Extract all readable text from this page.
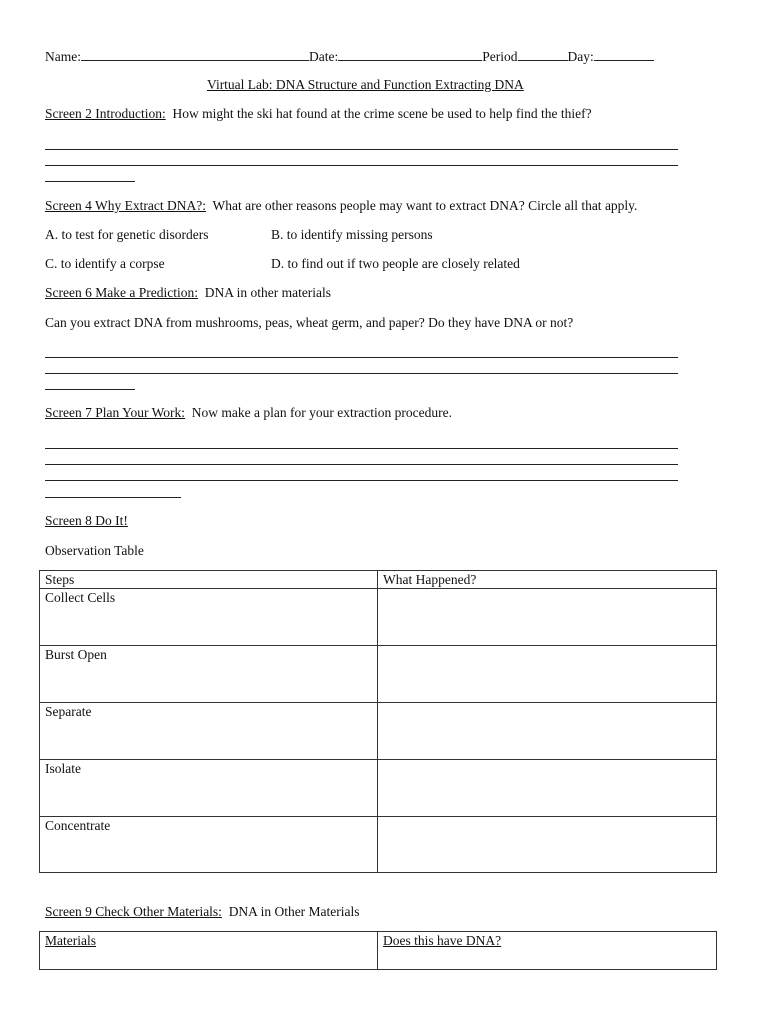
Name:	Date:	Period	Day:
Virtual Lab: DNA Structure and Function Extracting DNA
Screen 2 Introduction: How might the ski hat found at the crime scene be used to help find the thief?
Screen 4 Why Extract DNA?: What are other reasons people may want to extract DNA? Circle all that apply.
A. to test for genetic disorders	B. to identify missing persons
C. to identify a corpse	D. to find out if two people are closely related
Screen 6 Make a Prediction: DNA in other materials
Can you extract DNA from mushrooms, peas, wheat germ, and paper? Do they have DNA or not?
Screen 7 Plan Your Work: Now make a plan for your extraction procedure.
Screen 8 Do It!
Observation Table
Steps	What Happened?
Collect Cells	
Burst Open	
Separate	
Isolate	
Concentrate	
Screen 9 Check Other Materials: DNA in Other Materials
Materials	Does this have DNA?
